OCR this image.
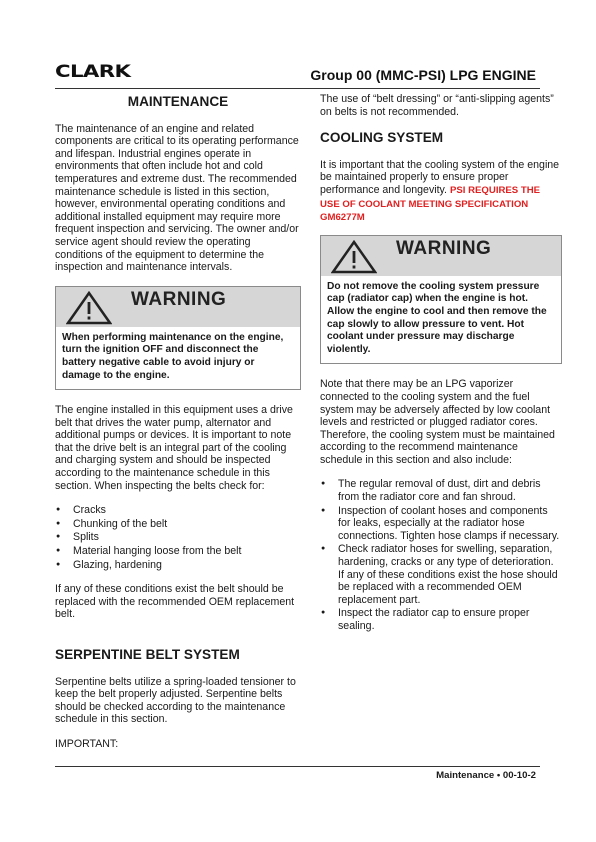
CLARK	Group 00 (MMC-PSI) LPG ENGINE
MAINTENANCE

The maintenance of an engine and related components are critical to its operating performance and lifespan. Industrial engines operate in environments that often include hot and cold temperatures and extreme dust. The recommended maintenance schedule is listed in this section, however, environmental operating conditions and additional installed equipment may require more frequent inspection and servicing. The owner and/or service agent should review the operating conditions of the equipment to determine the inspection and maintenance intervals.

WARNING
When performing maintenance on the engine, turn the ignition OFF and disconnect the battery negative cable to avoid injury or damage to the engine.

The engine installed in this equipment uses a drive belt that drives the water pump, alternator and additional pumps or devices. It is important to note that the drive belt is an integral part of the cooling and charging system and should be inspected according to the maintenance schedule in this section. When inspecting the belts check for:

● Cracks
● Chunking of the belt
● Splits
● Material hanging loose from the belt
● Glazing, hardening

If any of these conditions exist the belt should be replaced with the recommended OEM replacement belt.

SERPENTINE BELT SYSTEM

Serpentine belts utilize a spring-loaded tensioner to keep the belt properly adjusted. Serpentine belts should be checked according to the maintenance schedule in this section.

IMPORTANT:

The use of “belt dressing” or “anti-slipping agents” on belts is not recommended.

COOLING SYSTEM

It is important that the cooling system of the engine be maintained properly to ensure proper performance and longevity. PSI REQUIRES THE USE OF COOLANT MEETING SPECIFICATION GM6277M

WARNING
Do not remove the cooling system pressure cap (radiator cap) when the engine is hot. Allow the engine to cool and then remove the cap slowly to allow pressure to vent. Hot coolant under pressure may discharge violently.

Note that there may be an LPG vaporizer connected to the cooling system and the fuel system may be adversely affected by low coolant levels and restricted or plugged radiator cores. Therefore, the cooling system must be maintained according to the recommend maintenance schedule in this section and also include:

● The regular removal of dust, dirt and debris from the radiator core and fan shroud.
● Inspection of coolant hoses and components for leaks, especially at the radiator hose connections. Tighten hose clamps if necessary.
● Check radiator hoses for swelling, separation, hardening, cracks or any type of deterioration. If any of these conditions exist the hose should be replaced with a recommended OEM replacement part.
● Inspect the radiator cap to ensure proper sealing.
Maintenance • 00-10-2
